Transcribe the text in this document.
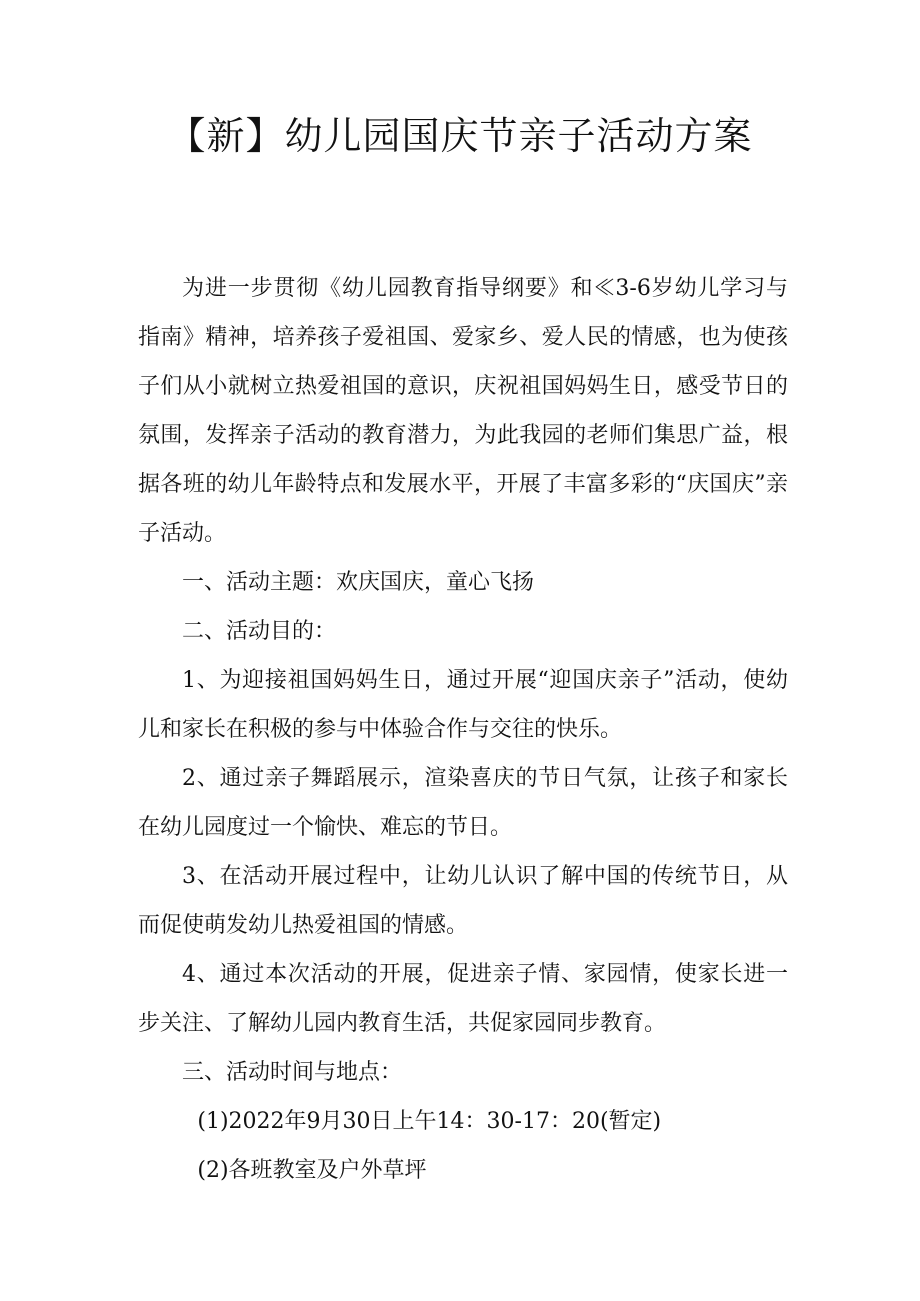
【新】幼儿园国庆节亲子活动方案

为进一步贯彻《幼儿园教育指导纲要》和≪3-6岁幼儿学习与指南》精神，培养孩子爱祖国、爱家乡、爱人民的情感，也为使孩子们从小就树立热爱祖国的意识，庆祝祖国妈妈生日，感受节日的氛围，发挥亲子活动的教育潜力，为此我园的老师们集思广益，根据各班的幼儿年龄特点和发展水平，开展了丰富多彩的“庆国庆”亲子活动。

一、活动主题：欢庆国庆，童心飞扬

二、活动目的：

1、为迎接祖国妈妈生日，通过开展“迎国庆亲子”活动，使幼儿和家长在积极的参与中体验合作与交往的快乐。

2、通过亲子舞蹈展示，渲染喜庆的节日气氛，让孩子和家长在幼儿园度过一个愉快、难忘的节日。

3、在活动开展过程中，让幼儿认识了解中国的传统节日，从而促使萌发幼儿热爱祖国的情感。

4、通过本次活动的开展，促进亲子情、家园情，使家长进一步关注、了解幼儿园内教育生活，共促家园同步教育。

三、活动时间与地点：

(1)2022年9月30日上午14：30-17：20(暂定)

(2)各班教室及户外草坪
